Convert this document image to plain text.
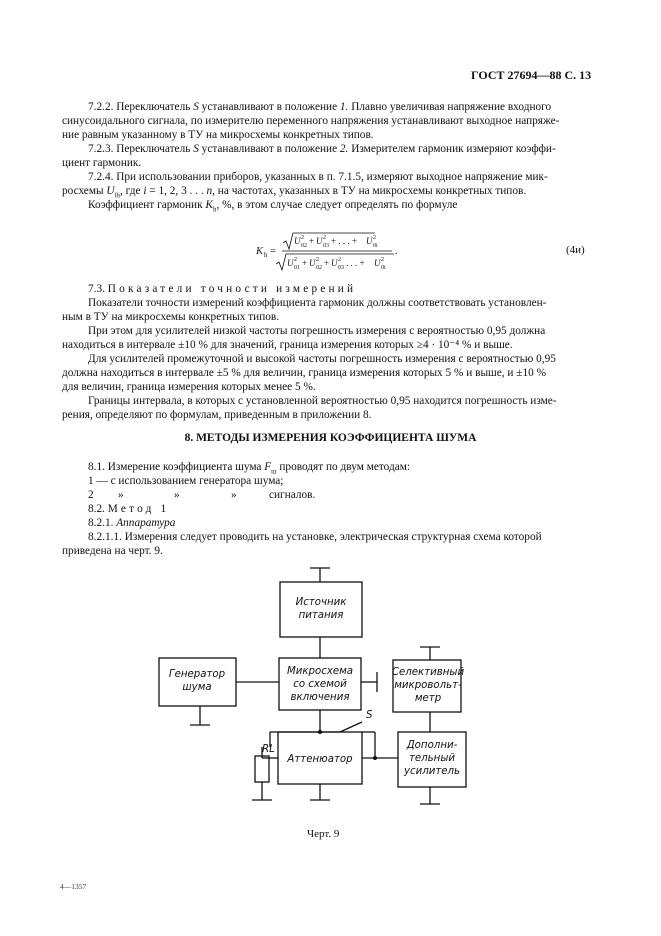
ГОСТ 27694—88 С. 13
7.2.2. Переключатель S устанавливают в положение 1. Плавно увеличивая напряжение входного
синусоидального сигнала, по измерителю переменного напряжения устанавливают выходное напряже-
ние равным указанному в ТУ на микросхемы конкретных типов.
7.2.3. Переключатель S устанавливают в положение 2. Измерителем гармоник измеряют коэффи-
циент гармоник.
7.2.4. При использовании приборов, указанных в п. 7.1.5, измеряют выходное напряжение мик-
росхемы $U_{0i}$, где i = 1, 2, 3 . . . n, на частотах, указанных в ТУ на микросхемы конкретных типов.
Коэффициент гармоник $K_h$, %, в этом случае следует определять по формуле
K h =
U 2
02 + U 2
03 + . . . + U 2
0i
U 2
01 + U 2
02 + U 2
03 . . . + U 2
0i
.	(4и)
7.3. Показатели точности измерений
Показатели точности измерений коэффициента гармоник должны соответствовать установлен-
ным в ТУ на микросхемы конкретных типов.
При этом для усилителей низкой частоты погрешность измерения с вероятностью 0,95 должна
находиться в интервале ±10 % для значений, граница измерения которых ≥4 · 10⁻⁴ % и выше.
Для усилителей промежуточной и высокой частоты погрешность измерения с вероятностью 0,95
должна находиться в интервале ±5 % для величин, граница измерения которых 5 % и выше, и ±10 %
для величин, граница измерения которых менее 5 %.
Границы интервала, в которых с установленной вероятностью 0,95 находится погрешность изме-
рения, определяют по формулам, приведенным в приложении 8.
8. МЕТОДЫ ИЗМЕРЕНИЯ КОЭФФИЦИЕНТА ШУМА
8.1. Измерение коэффициента шума $F_ш$ проводят по двум методам:
1 — с использованием генератора шума;
2 »	»	»	сигналов.
8.2. Метод 1
8.2.1. Аппаратура
8.2.1.1. Измерения следует проводить на установке, электрическая структурная схема которой
приведена на черт. 9.
Источник
питания
Генератор
шума
Микросхема
со схемой
включения
Селективный
микровольт-
метр
Аттенюатор
Дополни-
тельный
усилитель
S
RL
Черт. 9
4—1357
